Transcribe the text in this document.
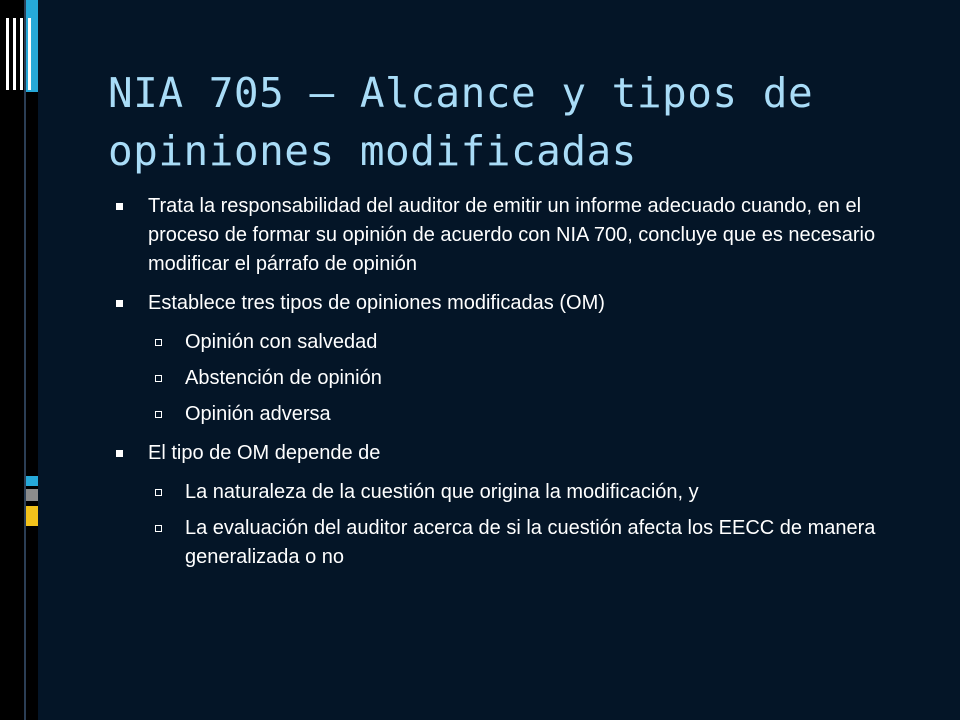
NIA 705 – Alcance y tipos de opiniones modificadas
Trata la responsabilidad del auditor de emitir un informe adecuado cuando, en el proceso de formar su opinión de acuerdo con NIA 700, concluye que es necesario modificar el párrafo de opinión
Establece tres tipos de opiniones modificadas (OM)
Opinión con salvedad
Abstención de opinión
Opinión adversa
El tipo de OM depende de
La naturaleza de la cuestión que origina la modificación, y
La evaluación del auditor acerca de si la cuestión afecta los EECC de manera generalizada o no
